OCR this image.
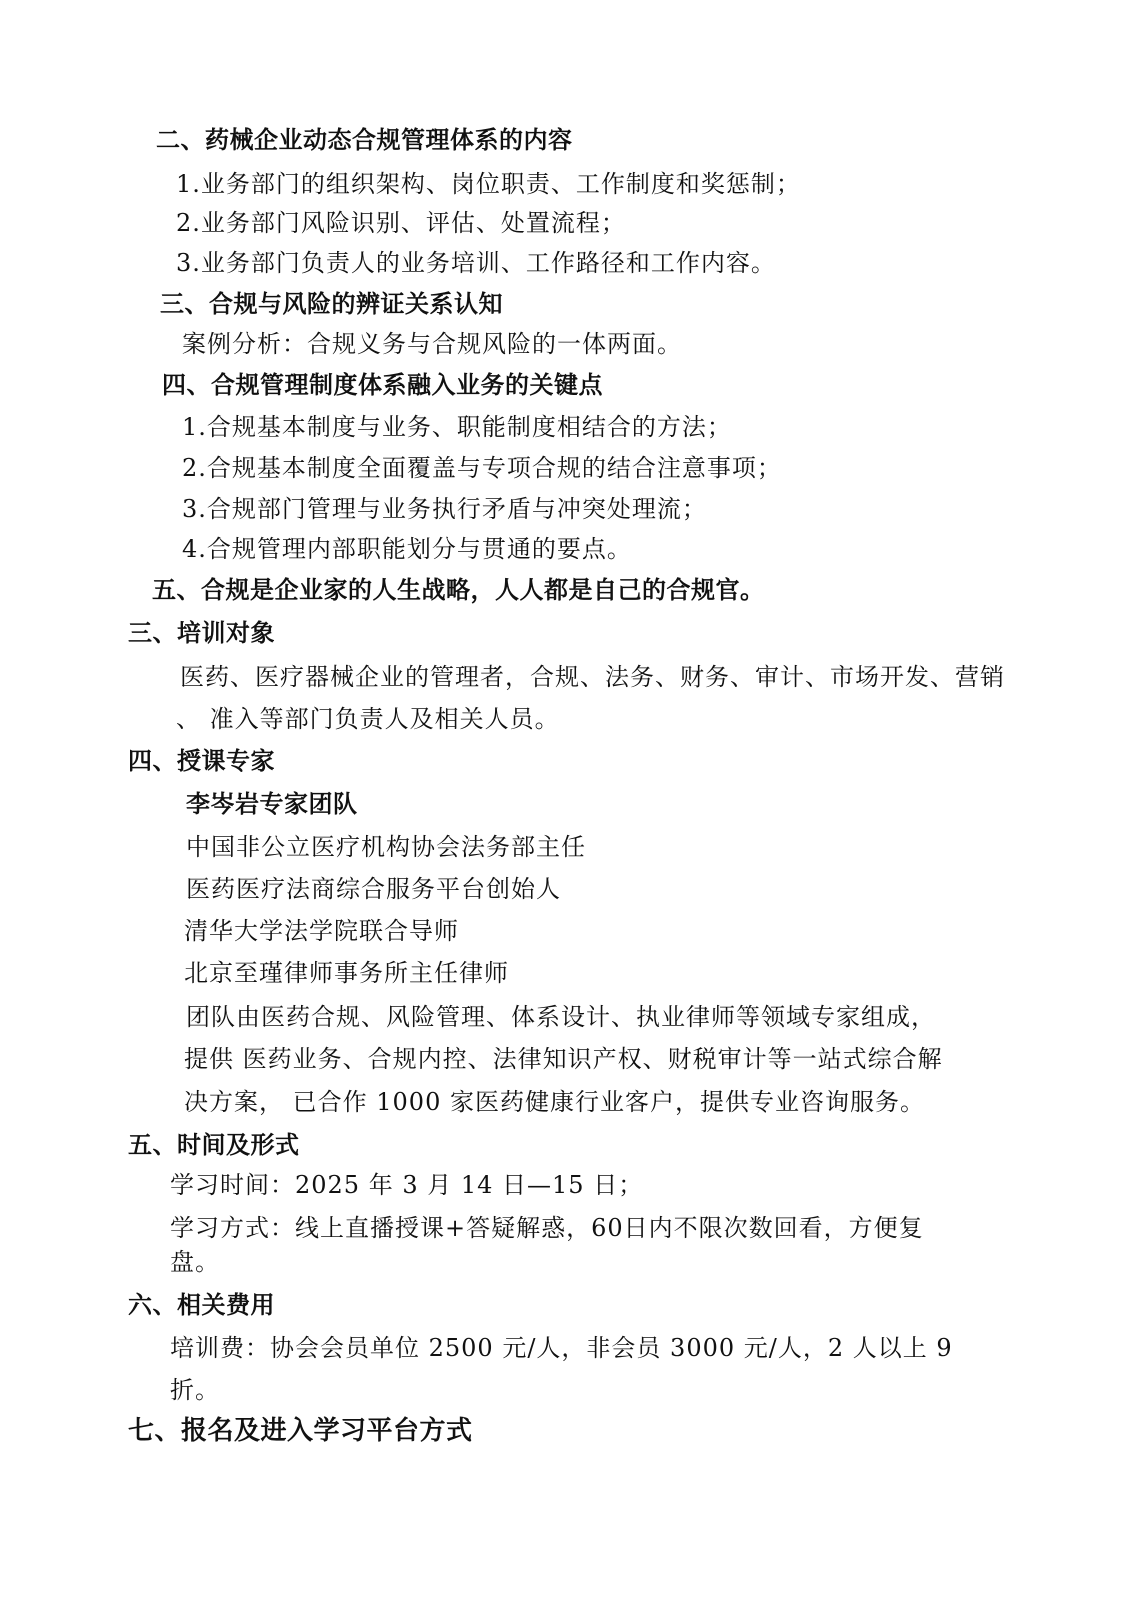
二、药械企业动态合规管理体系的内容
1.业务部门的组织架构、岗位职责、工作制度和奖惩制；
2.业务部门风险识别、评估、处置流程；
3.业务部门负责人的业务培训、工作路径和工作内容。
三、合规与风险的辨证关系认知
案例分析：合规义务与合规风险的一体两面。
四、合规管理制度体系融入业务的关键点
1.合规基本制度与业务、职能制度相结合的方法；
2.合规基本制度全面覆盖与专项合规的结合注意事项；
3.合规部门管理与业务执行矛盾与冲突处理流；
4.合规管理内部职能划分与贯通的要点。
五、合规是企业家的人生战略，人人都是自己的合规官。
三、培训对象
医药、医疗器械企业的管理者，合规、法务、财务、审计、市场开发、营销
、 准入等部门负责人及相关人员。
四、授课专家
李岑岩专家团队
中国非公立医疗机构协会法务部主任
医药医疗法商综合服务平台创始人
清华大学法学院联合导师
北京至瑾律师事务所主任律师
团队由医药合规、风险管理、体系设计、执业律师等领域专家组成，
提供 医药业务、合规内控、法律知识产权、财税审计等一站式综合解
决方案， 已合作 1000 家医药健康行业客户，提供专业咨询服务。
五、时间及形式
学习时间：2025 年 3 月 14 日—15 日；
学习方式：线上直播授课+答疑解惑，60日内不限次数回看，方便复
盘。
六、相关费用
培训费：协会会员单位 2500 元/人，非会员 3000 元/人，2 人以上 9
折。
七、报名及进入学习平台方式
